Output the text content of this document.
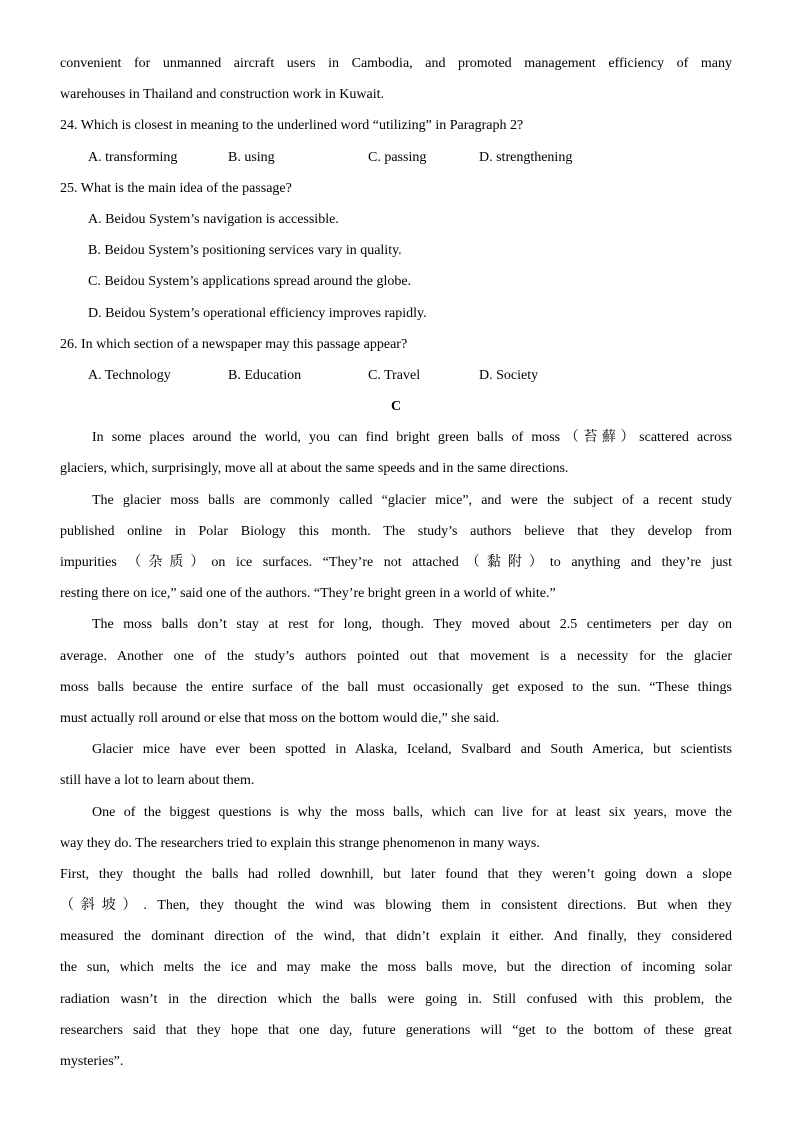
convenient for unmanned aircraft users in Cambodia, and promoted management efficiency of many
warehouses in Thailand and construction work in Kuwait.
24. Which is closest in meaning to the underlined word “utilizing” in Paragraph 2?
A. transforming	B. using	C. passing	D. strengthening
25. What is the main idea of the passage?
A. Beidou System’s navigation is accessible.
B. Beidou System’s positioning services vary in quality.
C. Beidou System’s applications spread around the globe.
D. Beidou System’s operational efficiency improves rapidly.
26. In which section of a newspaper may this passage appear?
A. Technology	B. Education	C. Travel	D. Society
C
In some places around the world, you can find bright green balls of moss（苔蘚）scattered across
glaciers, which, surprisingly, move all at about the same speeds and in the same directions.
The glacier moss balls are commonly called “glacier mice”, and were the subject of a recent study
published online in Polar Biology this month. The study’s authors believe that they develop from
impurities （杂质）on ice surfaces. “They’re not attached（黏附）to anything and they’re just
resting there on ice,” said one of the authors. “They’re bright green in a world of white.”
The moss balls don’t stay at rest for long, though. They moved about 2.5 centimeters per day on
average. Another one of the study’s authors pointed out that movement is a necessity for the glacier
moss balls because the entire surface of the ball must occasionally get exposed to the sun. “These things
must actually roll around or else that moss on the bottom would die,” she said.
Glacier mice have ever been spotted in Alaska, Iceland, Svalbard and South America, but scientists
still have a lot to learn about them.
One of the biggest questions is why the moss balls, which can live for at least six years, move the
way they do. The researchers tried to explain this strange phenomenon in many ways.
First, they thought the balls had rolled downhill, but later found that they weren’t going down a slope
（斜坡）. Then, they thought the wind was blowing them in consistent directions. But when they
measured the dominant direction of the wind, that didn’t explain it either. And finally, they considered
the sun, which melts the ice and may make the moss balls move, but the direction of incoming solar
radiation wasn’t in the direction which the balls were going in. Still confused with this problem, the
researchers said that they hope that one day, future generations will “get to the bottom of these great
mysteries”.
